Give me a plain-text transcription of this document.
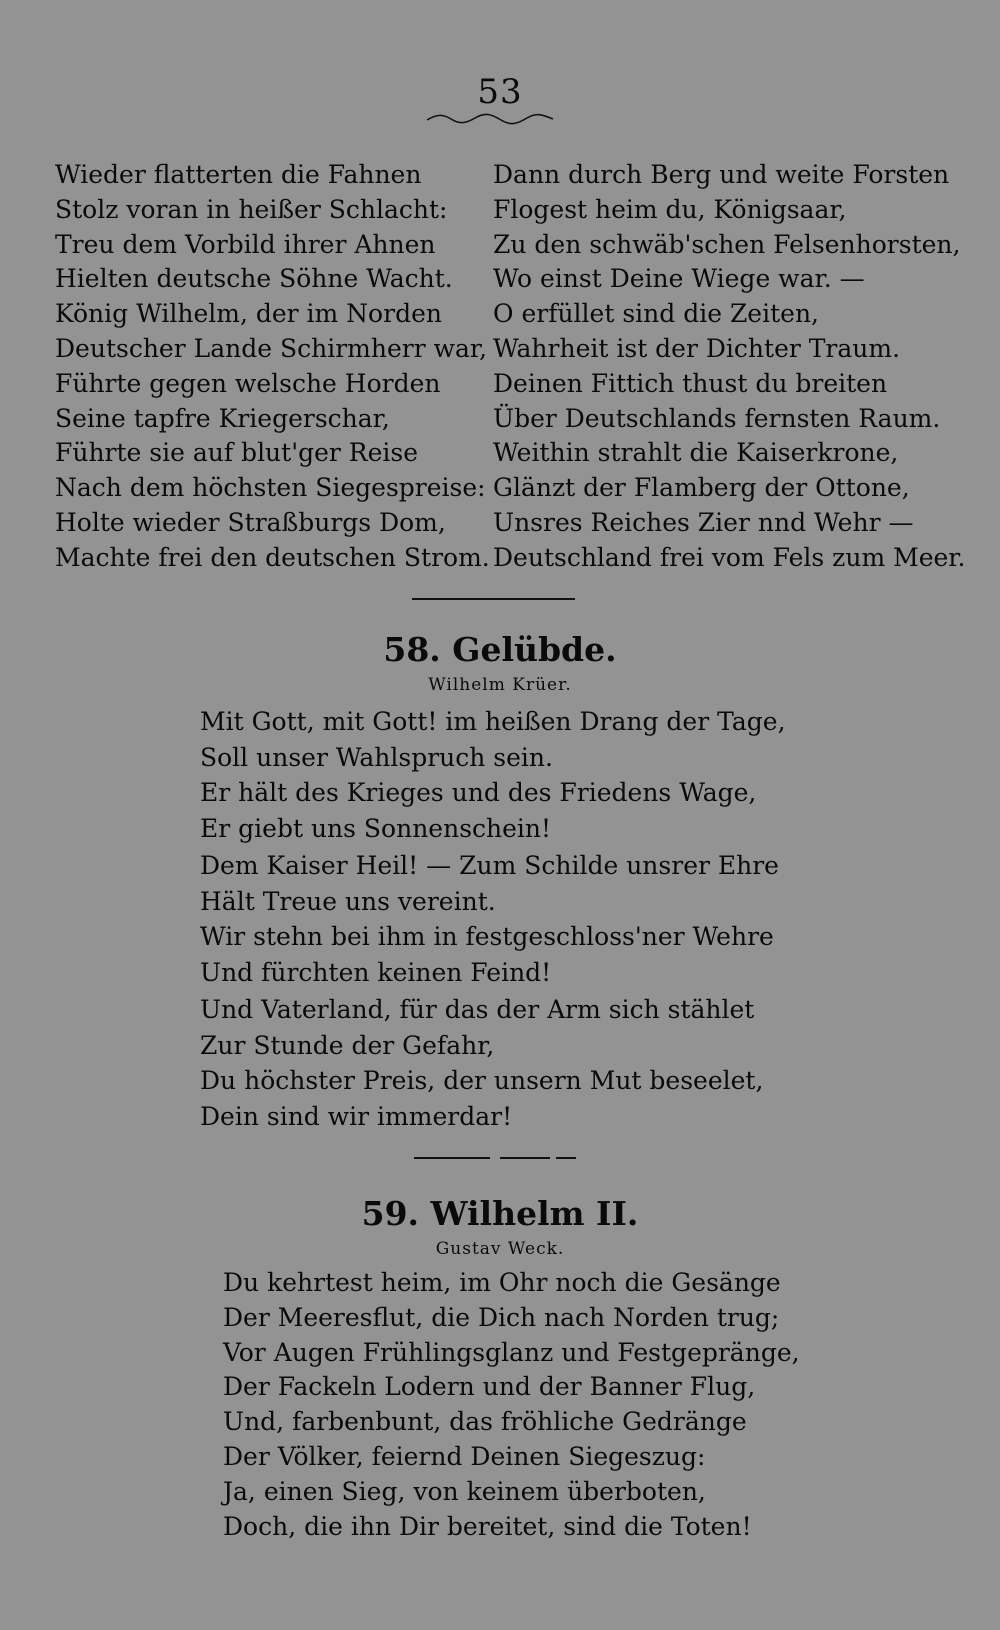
53
Wieder flatterten die Fahnen
Stolz voran in heißer Schlacht:
Treu dem Vorbild ihrer Ahnen
Hielten deutsche Söhne Wacht.
König Wilhelm, der im Norden
Deutscher Lande Schirmherr war,
Führte gegen welsche Horden
Seine tapfre Kriegerschar,
Führte sie auf blut'ger Reise
Nach dem höchsten Siegespreise:
Holte wieder Straßburgs Dom,
Machte frei den deutschen Strom.
Dann durch Berg und weite Forsten
Flogest heim du, Königsaar,
Zu den schwäb'schen Felsenhorsten,
Wo einst Deine Wiege war. —
O erfüllet sind die Zeiten,
Wahrheit ist der Dichter Traum.
Deinen Fittich thust du breiten
Über Deutschlands fernsten Raum.
Weithin strahlt die Kaiserkrone,
Glänzt der Flamberg der Ottone,
Unsres Reiches Zier nnd Wehr —
Deutschland frei vom Fels zum Meer.
58. Gelübde.
Wilhelm Krüer.
Mit Gott, mit Gott! im heißen Drang der Tage,
Soll unser Wahlspruch sein.
Er hält des Krieges und des Friedens Wage,
Er giebt uns Sonnenschein!
Dem Kaiser Heil! — Zum Schilde unsrer Ehre
Hält Treue uns vereint.
Wir stehn bei ihm in festgeschloss'ner Wehre
Und fürchten keinen Feind!
Und Vaterland, für das der Arm sich stählet
Zur Stunde der Gefahr,
Du höchster Preis, der unsern Mut beseelet,
Dein sind wir immerdar!
59. Wilhelm II.
Gustav Weck.
Du kehrtest heim, im Ohr noch die Gesänge
Der Meeresflut, die Dich nach Norden trug;
Vor Augen Frühlingsglanz und Festgepränge,
Der Fackeln Lodern und der Banner Flug,
Und, farbenbunt, das fröhliche Gedränge
Der Völker, feiernd Deinen Siegeszug:
Ja, einen Sieg, von keinem überboten,
Doch, die ihn Dir bereitet, sind die Toten!
